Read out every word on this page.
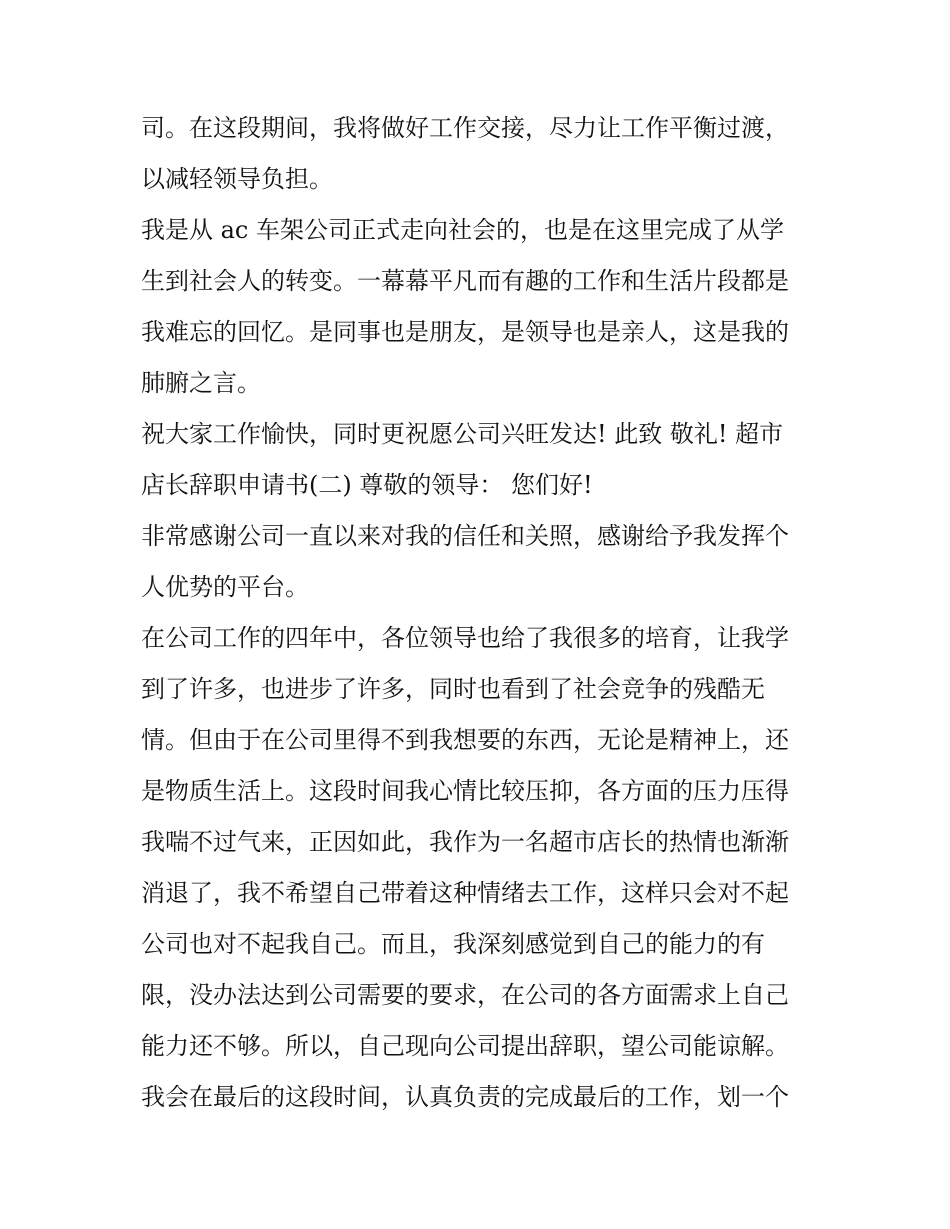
司。在这段期间，我将做好工作交接，尽力让工作平衡过渡，

以减轻领导负担。

我是从 ac 车架公司正式走向社会的，也是在这里完成了从学

生到社会人的转变。一幕幕平凡而有趣的工作和生活片段都是

我难忘的回忆。是同事也是朋友，是领导也是亲人，这是我的

肺腑之言。

祝大家工作愉快，同时更祝愿公司兴旺发达! 此致 敬礼! 超市

店长辞职申请书(二) 尊敬的领导： 您们好!

非常感谢公司一直以来对我的信任和关照，感谢给予我发挥个

人优势的平台。

在公司工作的四年中，各位领导也给了我很多的培育，让我学

到了许多，也进步了许多，同时也看到了社会竞争的残酷无

情。但由于在公司里得不到我想要的东西，无论是精神上，还

是物质生活上。这段时间我心情比较压抑，各方面的压力压得

我喘不过气来，正因如此，我作为一名超市店长的热情也渐渐

消退了，我不希望自己带着这种情绪去工作，这样只会对不起

公司也对不起我自己。而且，我深刻感觉到自己的能力的有

限，没办法达到公司需要的要求，在公司的各方面需求上自己

能力还不够。所以，自己现向公司提出辞职，望公司能谅解。

我会在最后的这段时间，认真负责的完成最后的工作，划一个
